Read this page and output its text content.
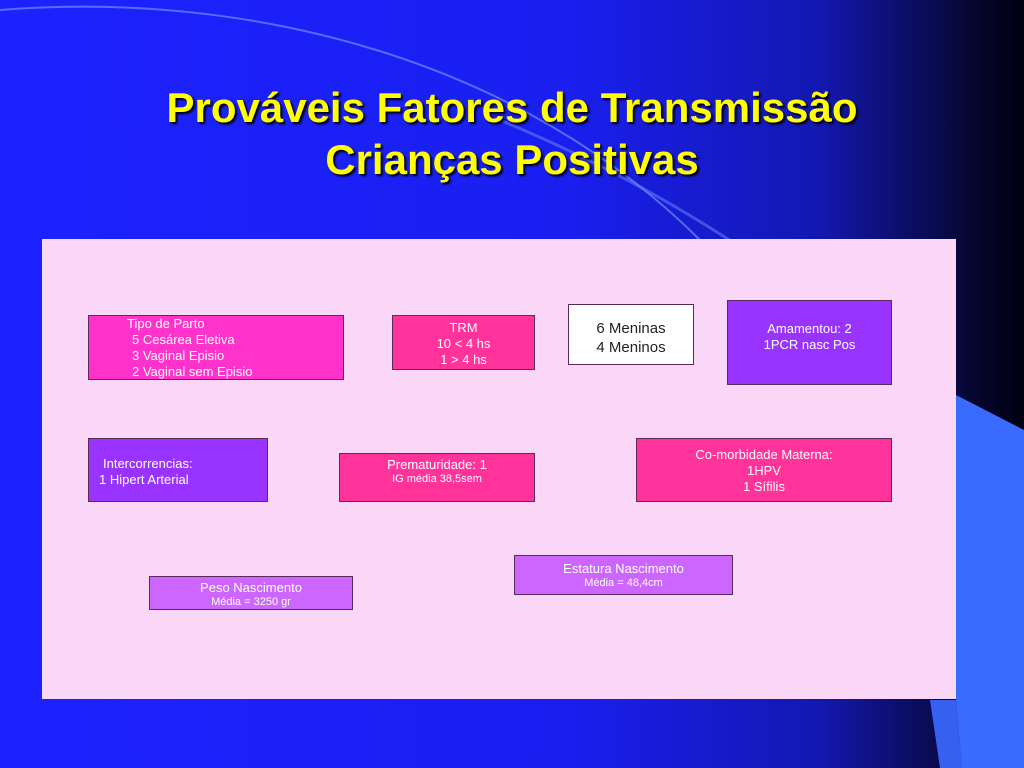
Prováveis Fatores de Transmissão
Crianças Positivas
Tipo de Parto
5 Cesárea Eletiva
3 Vaginal Episio
2 Vaginal sem Episio
TRM
10 < 4 hs
1 > 4 hs
6 Meninas
4 Meninos
Amamentou: 2
1PCR nasc Pos
Intercorrencias:
1 Hipert Arterial
Prematuridade: 1
IG média 38,5sem
Co-morbidade Materna:
1HPV
1 Sífilis
Estatura Nascimento
Média = 48,4cm
Peso Nascimento
Média = 3250 gr
